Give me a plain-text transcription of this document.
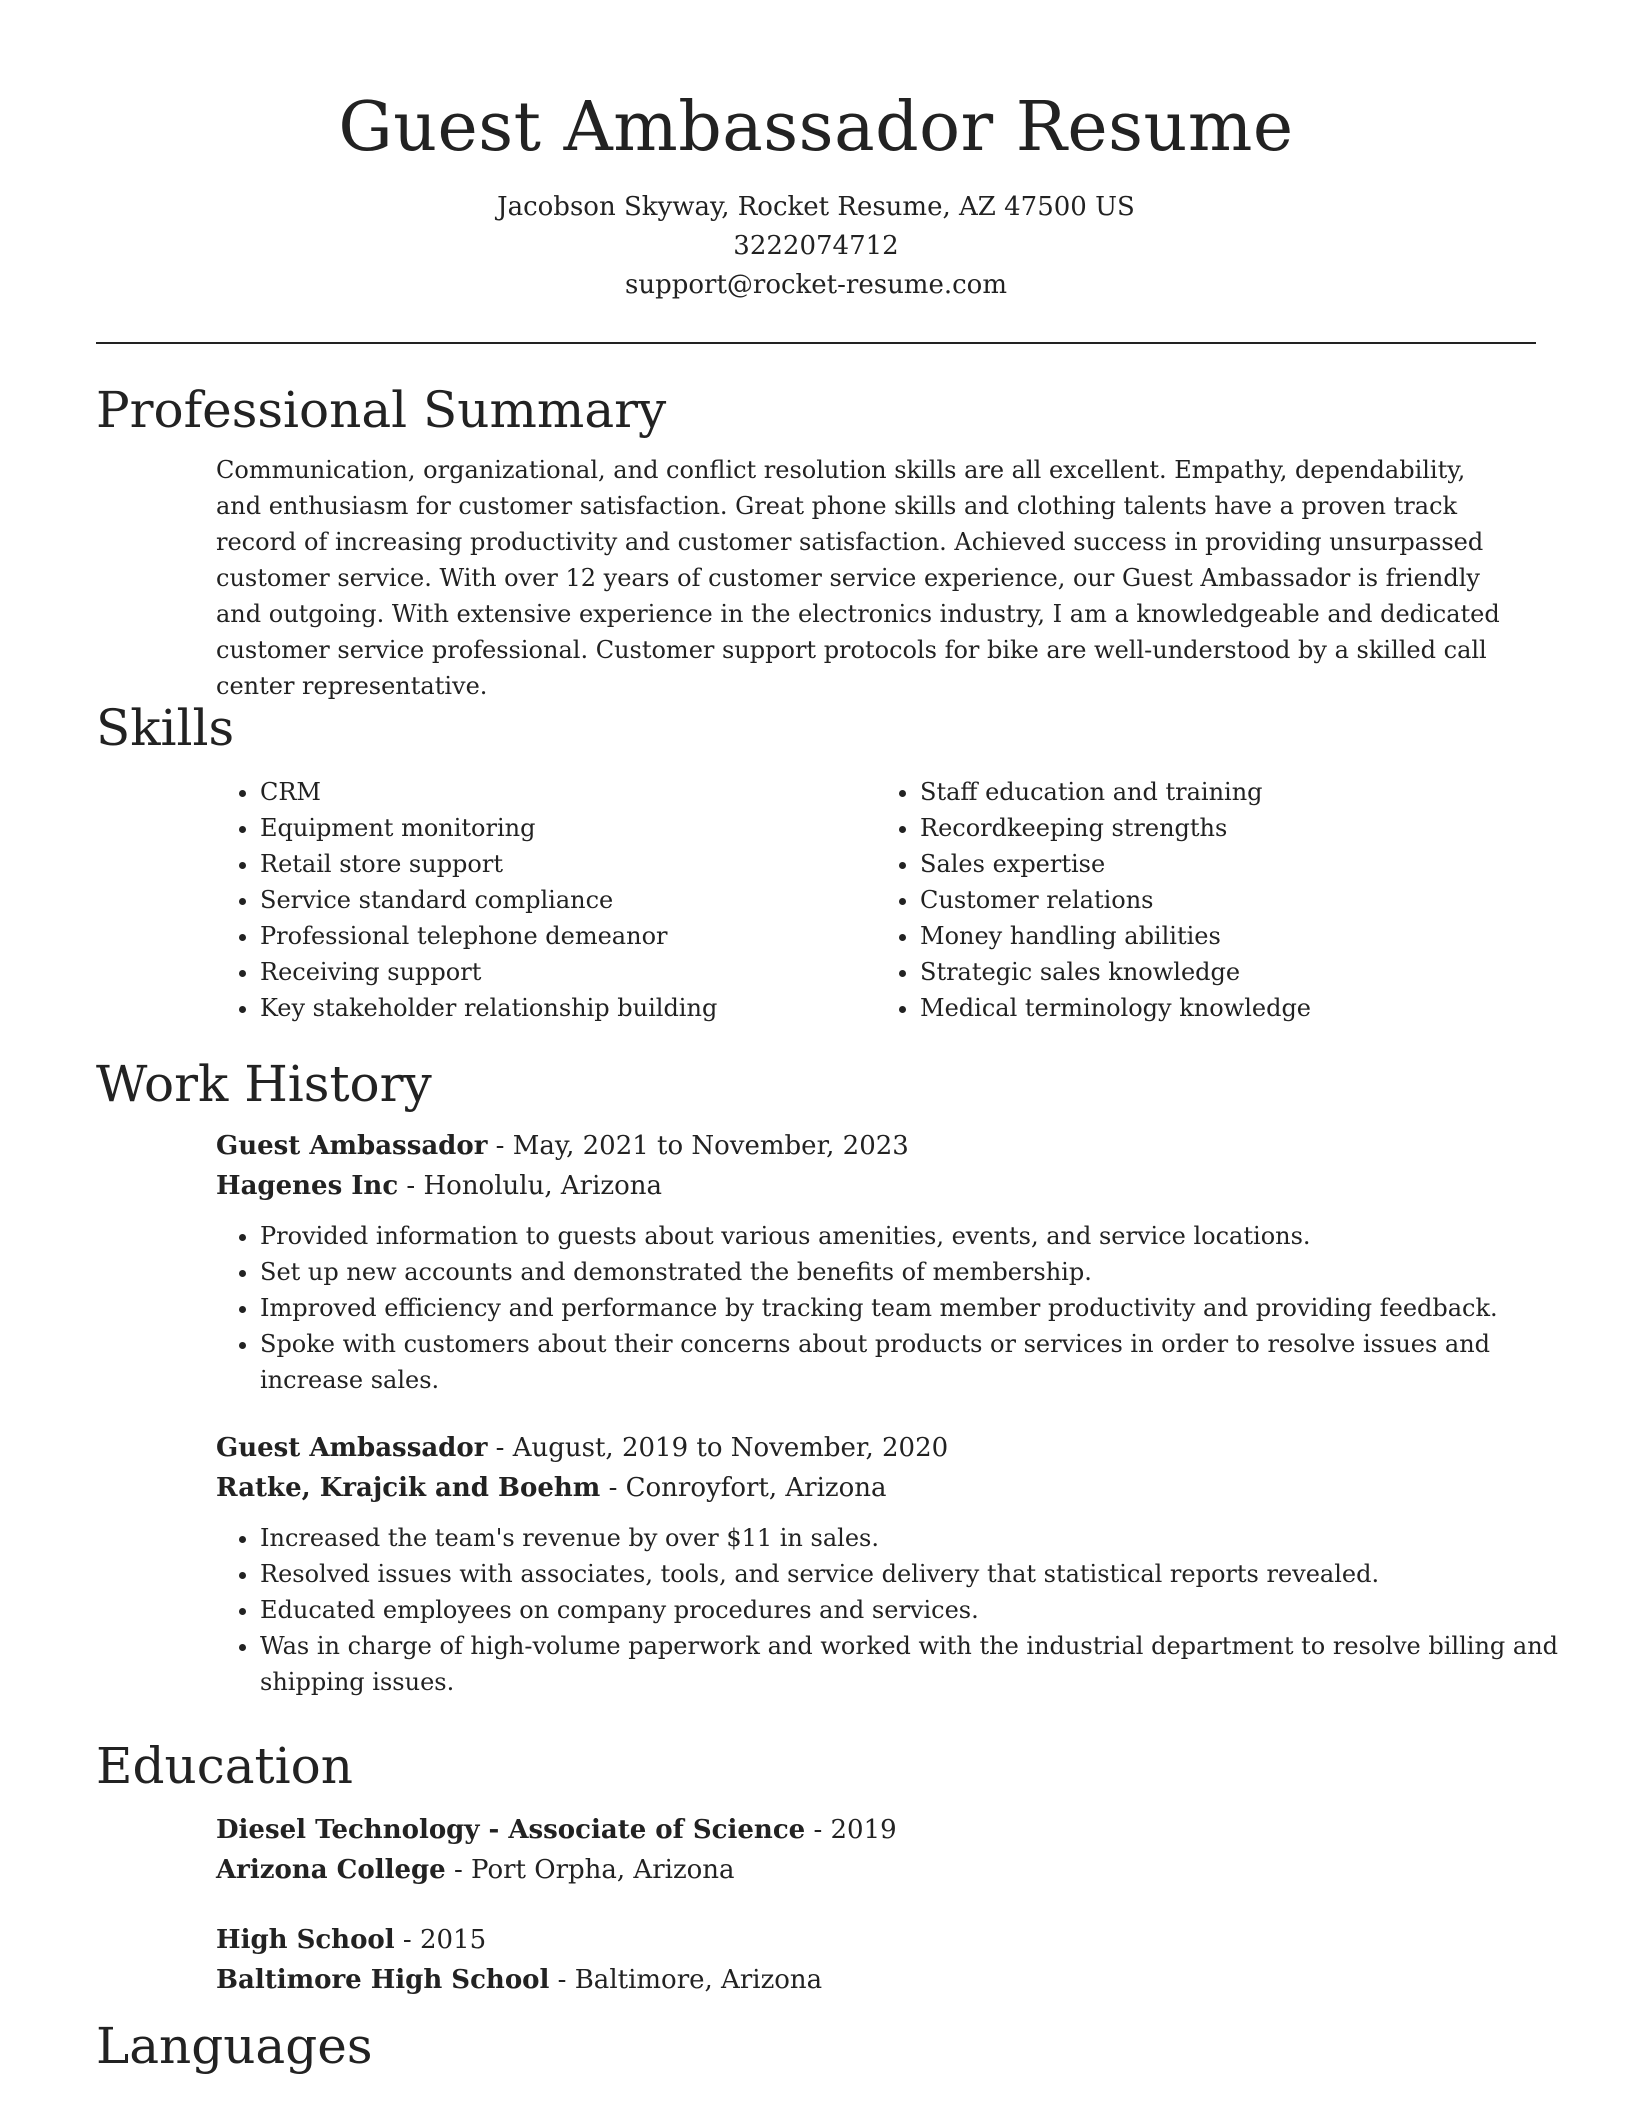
Guest Ambassador Resume
Jacobson Skyway, Rocket Resume, AZ 47500 US
3222074712
support@rocket-resume.com
Professional Summary

Communication, organizational, and conflict resolution skills are all excellent. Empathy, dependability, and enthusiasm for customer satisfaction. Great phone skills and clothing talents have a proven track record of increasing productivity and customer satisfaction. Achieved success in providing unsurpassed customer service. With over 12 years of customer service experience, our Guest Ambassador is friendly and outgoing. With extensive experience in the electronics industry, I am a knowledgeable and dedicated customer service professional. Customer support protocols for bike are well-understood by a skilled call center representative.

Skills
• CRM
• Equipment monitoring
• Retail store support
• Service standard compliance
• Professional telephone demeanor
• Receiving support
• Key stakeholder relationship building
• Staff education and training
• Recordkeeping strengths
• Sales expertise
• Customer relations
• Money handling abilities
• Strategic sales knowledge
• Medical terminology knowledge
Work History
Guest Ambassador - May, 2021 to November, 2023
Hagenes Inc - Honolulu, Arizona
• Provided information to guests about various amenities, events, and service locations.
• Set up new accounts and demonstrated the benefits of membership.
• Improved efficiency and performance by tracking team member productivity and providing feedback.
• Spoke with customers about their concerns about products or services in order to resolve issues and increase sales.
Guest Ambassador - August, 2019 to November, 2020
Ratke, Krajcik and Boehm - Conroyfort, Arizona
• Increased the team's revenue by over $11 in sales.
• Resolved issues with associates, tools, and service delivery that statistical reports revealed.
• Educated employees on company procedures and services.
• Was in charge of high-volume paperwork and worked with the industrial department to resolve billing and shipping issues.
Education
Diesel Technology - Associate of Science - 2019
Arizona College - Port Orpha, Arizona
High School - 2015
Baltimore High School - Baltimore, Arizona
Languages
